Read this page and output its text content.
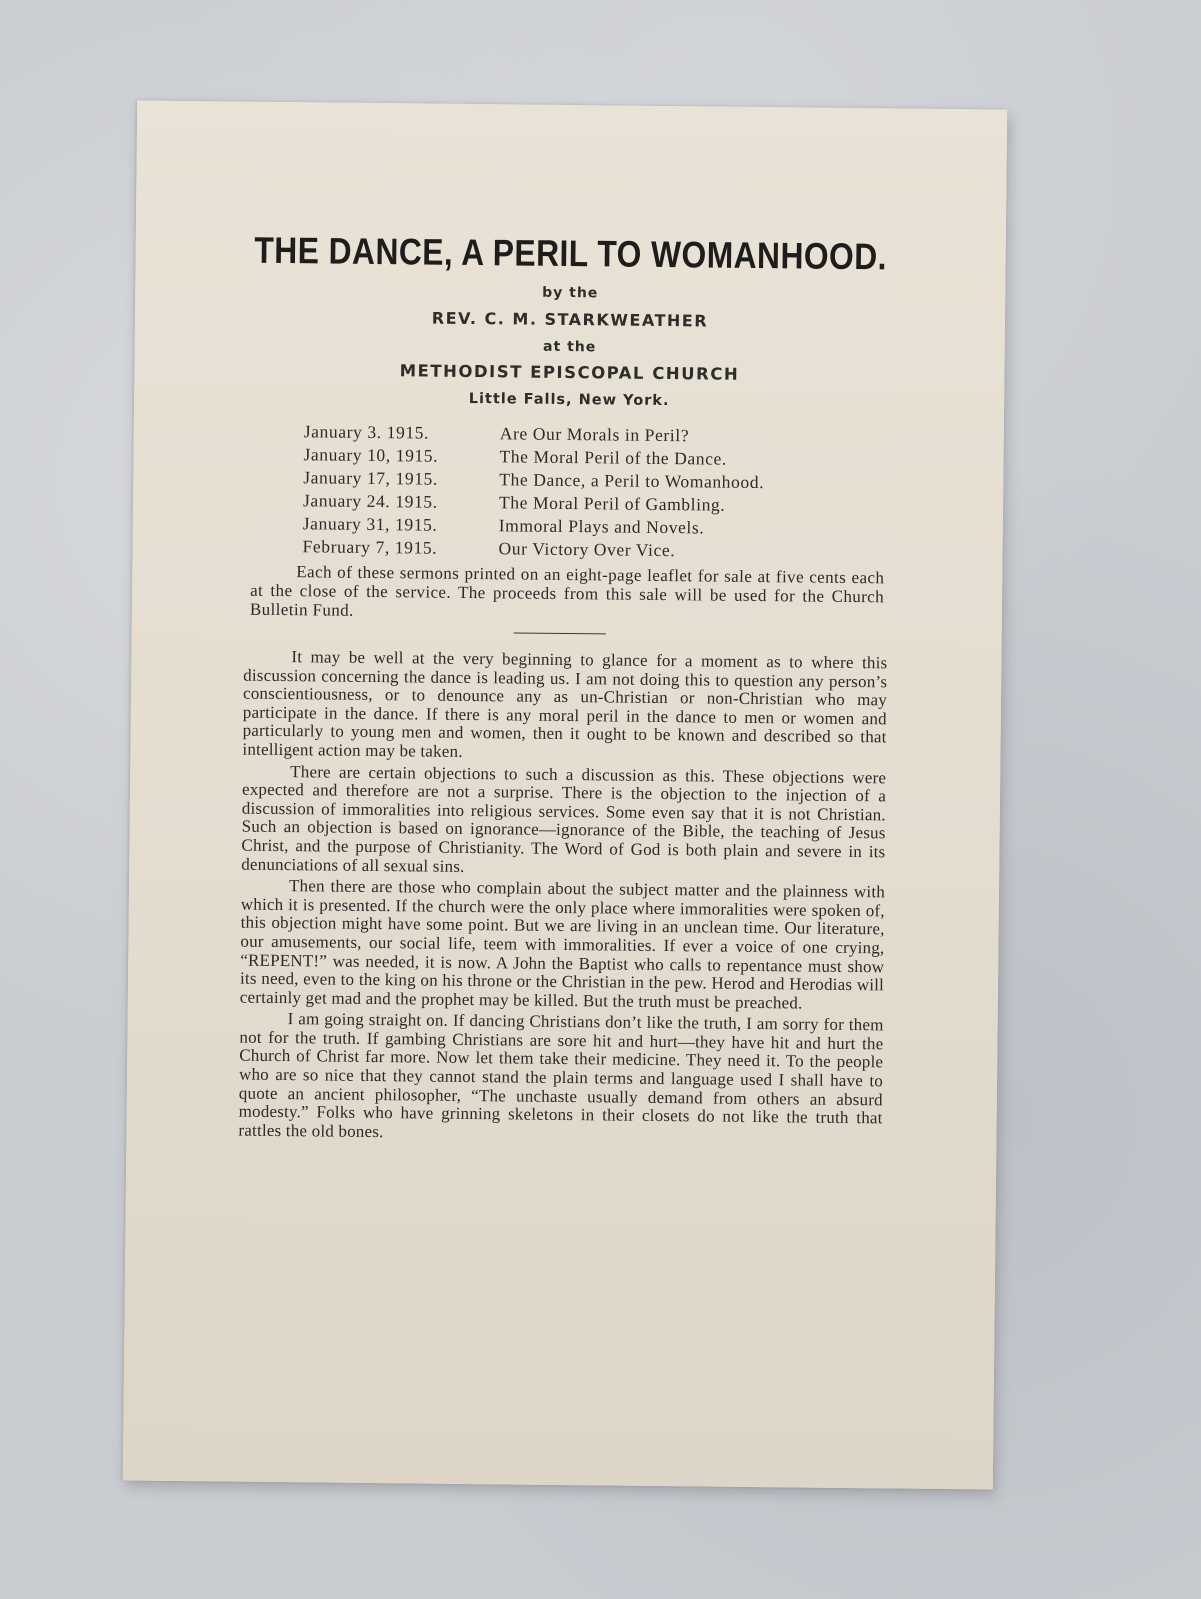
THE DANCE, A PERIL TO WOMANHOOD.
by the
REV. C. M. STARKWEATHER
at the
METHODIST EPISCOPAL CHURCH
Little Falls, New York.
January 3. 1915.	Are Our Morals in Peril?
January 10, 1915.	The Moral Peril of the Dance.
January 17, 1915.	The Dance, a Peril to Womanhood.
January 24. 1915.	The Moral Peril of Gambling.
January 31, 1915.	Immoral Plays and Novels.
February 7, 1915.	Our Victory Over Vice.
Each of these sermons printed on an eight-page leaflet for sale at five cents each at the close of the service. The proceeds from this sale will be used for the Church Bulletin Fund.

It may be well at the very beginning to glance for a moment as to where this discussion concerning the dance is leading us. I am not doing this to question any person’s conscientiousness, or to denounce any as un-Christian or non-Christian who may participate in the dance. If there is any moral peril in the dance to men or women and particularly to young men and women, then it ought to be known and described so that intelligent action may be taken.

There are certain objections to such a discussion as this. These objections were expected and therefore are not a surprise. There is the objection to the injection of a discussion of immoralities into religious services. Some even say that it is not Christian. Such an objection is based on ignorance—ignorance of the Bible, the teaching of Jesus Christ, and the purpose of Christianity. The Word of God is both plain and severe in its denunciations of all sexual sins.

Then there are those who complain about the subject matter and the plainness with which it is presented. If the church were the only place where immoralities were spoken of, this objection might have some point. But we are living in an unclean time. Our literature, our amusements, our social life, teem with immoralities. If ever a voice of one crying, “REPENT!” was needed, it is now. A John the Baptist who calls to repentance must show its need, even to the king on his throne or the Christian in the pew. Herod and Herodias will certainly get mad and the prophet may be killed. But the truth must be preached.

I am going straight on. If dancing Christians don’t like the truth, I am sorry for them not for the truth. If gambing Christians are sore hit and hurt—they have hit and hurt the Church of Christ far more. Now let them take their medicine. They need it. To the people who are so nice that they cannot stand the plain terms and language used I shall have to quote an ancient philosopher, “The unchaste usually demand from others an absurd modesty.” Folks who have grinning skeletons in their closets do not like the truth that rattles the old bones.
